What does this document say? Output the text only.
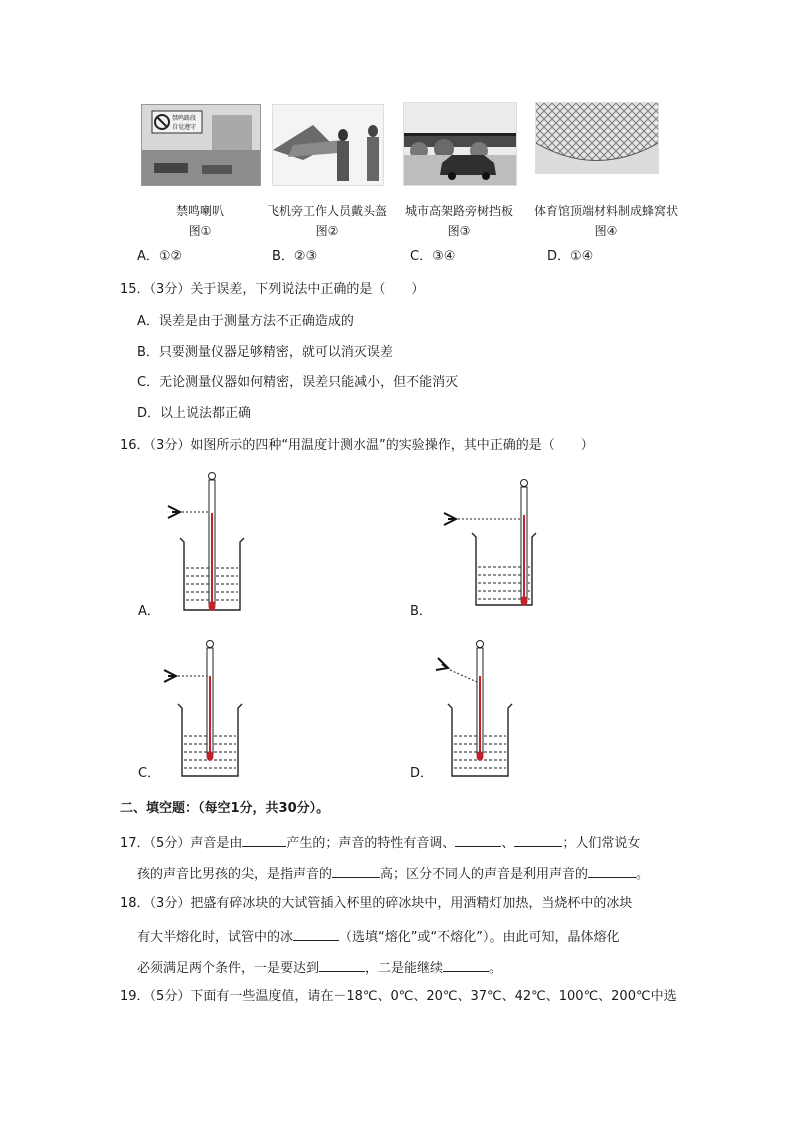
禁鸣路段
自觉遵守
禁鸣喇叭	飞机旁工作人员戴头盔	城市高架路旁树挡板	体育馆顶端材料制成蜂窝状
图①	图②	图③	图④
A．①②	B．②③	C．③④	D．①④
15．（3分）关于误差，下列说法中正确的是（　　）
A．误差是由于测量方法不正确造成的
B．只要测量仪器足够精密，就可以消灭误差
C．无论测量仪器如何精密，误差只能减小，但不能消灭
D．以上说法都正确
16．（3分）如图所示的四种“用温度计测水温”的实验操作，其中正确的是（　　）
A．	B．
C．	D．
二、填空题：（每空1分，共30分）。
17．（5分）声音是由	产生的；声音的特性有音调、	、	；人们常说女
孩的声音比男孩的尖，是指声音的	高；区分不同人的声音是利用声音的	。
18．（3分）把盛有碎冰块的大试管插入杯里的碎冰块中，用酒精灯加热，当烧杯中的冰块
有大半熔化时，试管中的冰	（选填“熔化”或“不熔化”）。由此可知，晶体熔化
必须满足两个条件，一是要达到	，二是能继续	。
19．（5分）下面有一些温度值，请在－18℃、0℃、20℃、37℃、42℃、100℃、200℃中选
